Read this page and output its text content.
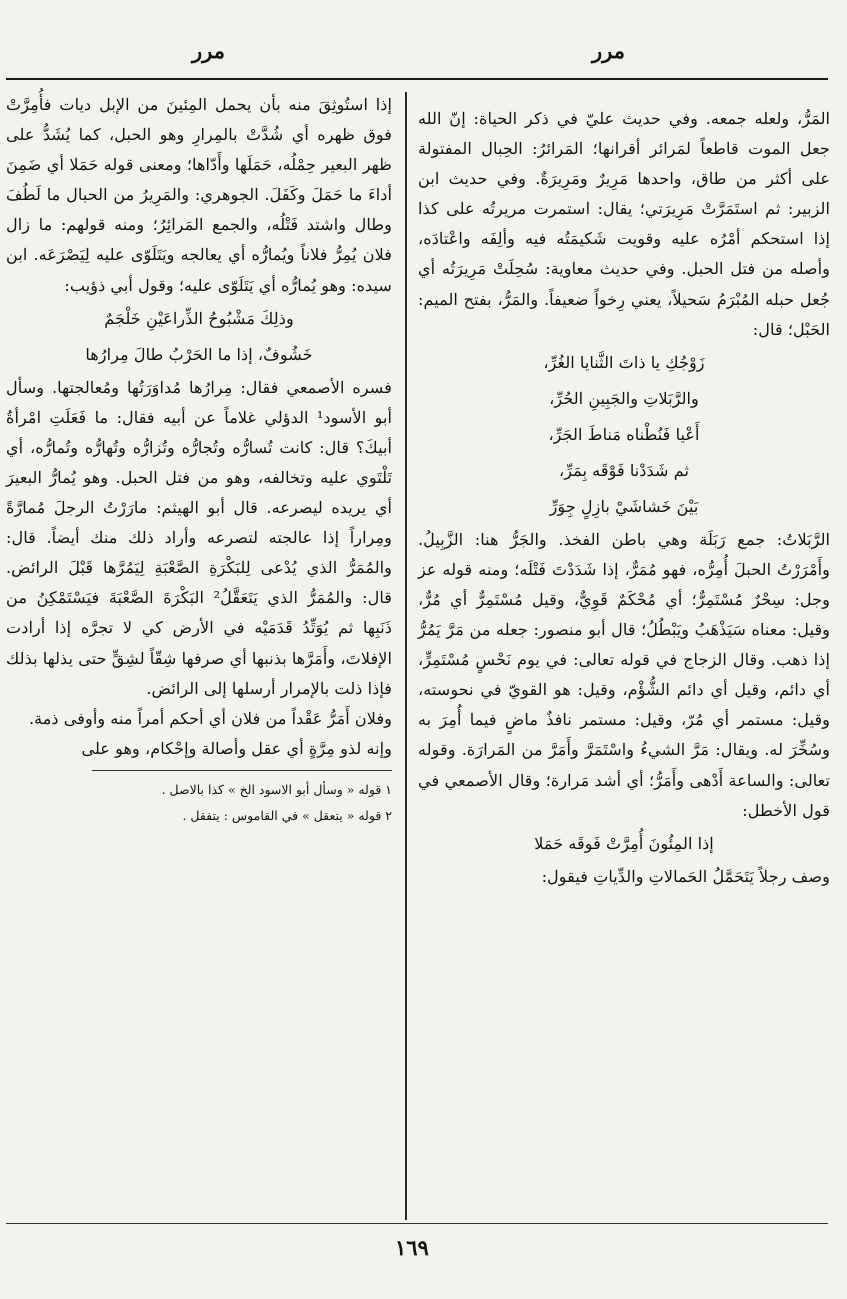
مرر
مرر

المَرُّ، ولعله جمعه. وفي حديث عليّ في ذكر الحياة: إنّ الله جعل الموت قاطعاً لمَرائر أقرانها؛ المَرائرُ: الحِبال المفتولة على أكثر من طاق، واحدها مَرِيرٌ ومَرِيرَةٌ. وفي حديث ابن الزبير: ثم استَمَرَّتْ مَرِيرَتي؛ يقال: استمرت مريرتُه على كذا إذا استحكم أمْرُه عليه وقويت شَكيمَتُه فيه وألِفَه واعْتادَه، وأصله من فتل الحبل. وفي حديث معاوية: سُحِلَتْ مَرِيرَتُه أي جُعل حبله المُبْرَمُ سَحيلاً، يعني رِخواً ضعيفاً. والمَرُّ، بفتح الميم: الحَبْل؛ قال:

زَوْجُكِ يا ذاتَ الثَّنايا الغُرِّ،
والرَّبَلاتِ والجَبِينِ الحُرِّ،
أَعْيا فَنُطْناه مَناطَ الجَرِّ،
ثم شَدَدْنا فَوْقَه بِمَرِّ،
بَيْنَ خَشاشَيْ بازِلٍ جِوَرِّ

الرَّبَلاتُ: جمع رَبَلَة وهي باطن الفخذ. والجَرُّ هنا: الزَّبِيلُ. وأَمْرَرْتُ الحبلَ أُمِرُّه، فهو مُمَرٌّ، إذا شَدَدْتَ فَتْلَه؛ ومنه قوله عز وجل: سِحْرٌ مُسْتَمِرٌّ؛ أي مُحْكَمٌ قَوِيٌّ، وقيل مُسْتَمِرٌّ أي مُرٌّ، وقيل: معناه سَيَذْهَبُ ويَبْطُلُ؛ قال أبو منصور: جعله من مَرَّ يَمُرُّ إذا ذهب. وقال الزجاج في قوله تعالى: في يوم نَحْسٍ مُسْتَمِرٍّ، أي دائم، وقيل أي دائم الشُّؤْم، وقيل: هو القويّ في نحوسته، وقيل: مستمر أي مُرّ، وقيل: مستمر نافذٌ ماضٍ فيما أُمِرَ به وسُخِّرَ له. ويقال: مَرَّ الشيءُ واسْتَمَرَّ وأَمَرَّ من المَرارَة. وقوله تعالى: والساعة أَدْهى وأَمَرُّ؛ أي أشد مَرارة؛ وقال الأصمعي في قول الأخطل:

إذا المِئُونَ أُمِرَّتْ فَوقَه حَمَلا

وصف رجلاً يَتَحَمَّلُ الحَمالاتِ والدِّياتِ فيقول:

إذا استُوثِقَ منه بأن يحمل المِئينَ من الإبل ديات فأُمِرَّتْ فوق ظهره أي شُدَّتْ بالمِرارِ وهو الحبل، كما يُشَدُّ على ظهر البعير حِمْلُه، حَمَلَها وأَدّاها؛ ومعنى قوله حَمَلا أي ضَمِنَ أداءَ ما حَمَلَ وكَفَلَ. الجوهري: والمَرِيرُ من الحبال ما لَطُفَ وطال واشتد فَتْلُه، والجمع المَرائِرُ؛ ومنه قولهم: ما زال فلان يُمِرُّ فلاناً ويُمارُّه أي يعالجه ويَتَلَوّى عليه لِيَصْرَعَه. ابن سيده: وهو يُمارُّه أي يَتَلَوّى عليه؛ وقول أبي ذؤيب:

وذلِكَ مَشْبُوحُ الذِّراعَيْنِ خَلْجَمٌ
خَشُوفٌ، إذا ما الحَرْبُ طالَ مِرارُها

فسره الأصمعي فقال: مِرارُها مُداوَرَتُها ومُعالجتها. وسأل أبو الأسود¹ الدؤلي غلاماً عن أبيه فقال: ما فَعَلَتِ امْرأةُ أبيكَ؟ قال: كانت تُسارُّه وتُجارُّه وتُزارُّه وتُهارُّه وتُمارُّه، أي تَلْتَوي عليه وتخالفه، وهو من فتل الحبل. وهو يُمارُّ البعيرَ أي يريده ليصرعه. قال أبو الهيثم: مارَرْتُ الرجلَ مُمارَّةً ومِراراً إذا عالجته لتصرعه وأراد ذلك منك أيضاً. قال: والمُمَرُّ الذي يُدْعى لِلبَكْرَةِ الصَّعْبَةِ لِيَمُرَّها قَبْلَ الرائض. قال: والمُمَرُّ الذي يَتَعَقَّلُ² البَكْرَةَ الصَّعْبَةَ فيَسْتَمْكِنُ من ذَنَبِها ثم يُوَتِّدُ قَدَمَيْه في الأرض كي لا تجرَّه إذا أرادت الإفلاتَ، وأَمَرَّها بذنبها أي صرفها شِقّاً لشِقٍّ حتى يذلها بذلك فإذا ذلت بالإمرار أرسلها إلى الرائض.

وفلان أَمَرُّ عَقْداً من فلان أي أحكم أمراً منه وأوفى ذمة.

وإنه لذو مِرَّةٍ أي عقل وأصالة وإحْكام، وهو على

١ قوله « وسأل أبو الاسود الخ » كذا بالاصل .

٢ قوله « يتعقل » في القاموس : يتفقل .

١٦٩
